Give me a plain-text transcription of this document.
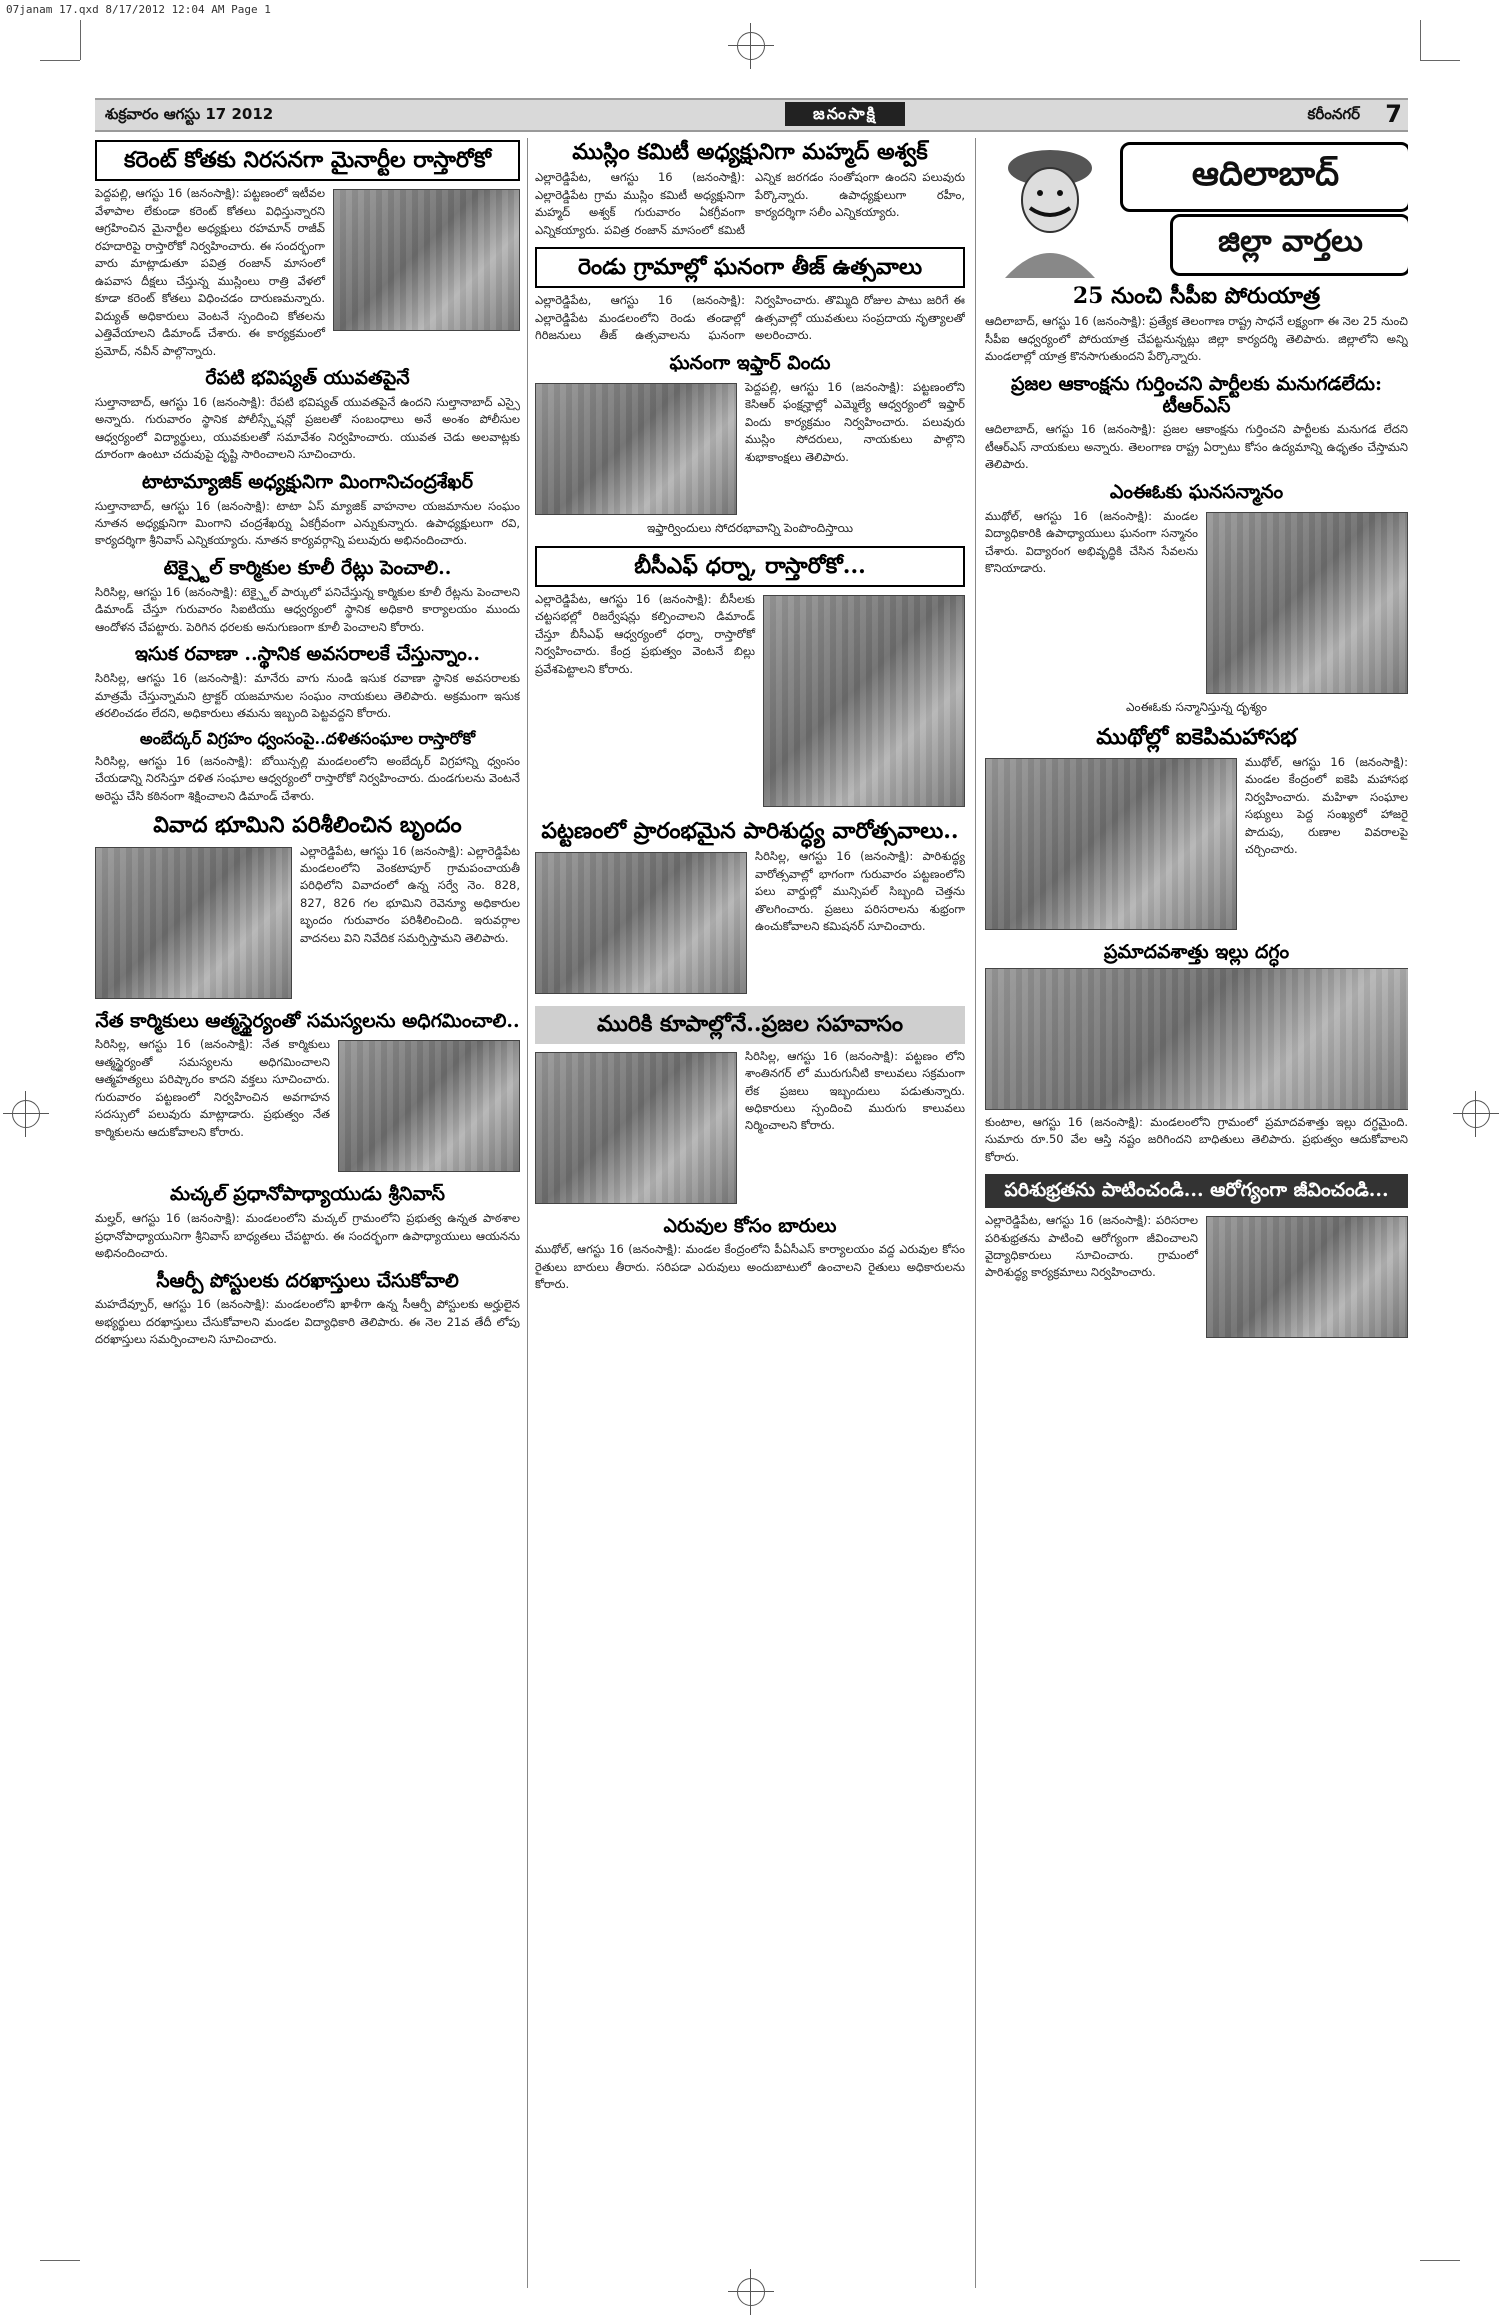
07janam 17.qxd 8/17/2012 12:04 AM Page 1
శుక్రవారం ఆగస్టు 17 2012	జనంసాక్షి	కరీంనగర్ 7
కరెంట్ కోతకు నిరసనగా మైనార్టీల రాస్తారోకో

పెద్దపల్లి, ఆగస్టు 16 (జనంసాక్షి): పట్టణంలో ఇటీవల వేళాపాల లేకుండా కరెంట్ కోతలు విధిస్తున్నారని ఆగ్రహించిన మైనార్టీల అధ్యక్షులు రహమాన్ రాజీవ్ రహదారిపై రాస్తారోకో నిర్వహించారు. ఈ సందర్భంగా వారు మాట్లాడుతూ పవిత్ర రంజాన్ మాసంలో ఉపవాస దీక్షలు చేస్తున్న ముస్లింలు రాత్రి వేళలో కూడా కరెంట్ కోతలు విధించడం దారుణమన్నారు. విద్యుత్ అధికారులు వెంటనే స్పందించి కోతలను ఎత్తివేయాలని డిమాండ్ చేశారు. ఈ కార్యక్రమంలో ప్రమోద్, నవీన్ పాల్గొన్నారు.

రేపటి భవిష్యత్ యువతపైనే

సుల్తానాబాద్, ఆగస్టు 16 (జనంసాక్షి): రేపటి భవిష్యత్ యువతపైనే ఉందని సుల్తానాబాద్ ఎస్సై అన్నారు. గురువారం స్థానిక పోలీస్స్టేషన్లో ప్రజలతో సంబంధాలు అనే అంశం పోలీసుల ఆధ్వర్యంలో విద్యార్థులు, యువకులతో సమావేశం నిర్వహించారు. యువత చెడు అలవాట్లకు దూరంగా ఉంటూ చదువుపై దృష్టి సారించాలని సూచించారు.

టాటామ్యాజిక్ అధ్యక్షునిగా మింగానిచంద్రశేఖర్

సుల్తానాబాద్, ఆగస్టు 16 (జనంసాక్షి): టాటా ఏస్ మ్యాజిక్ వాహనాల యజమానుల సంఘం నూతన అధ్యక్షునిగా మింగాని చంద్రశేఖర్ను ఏకగ్రీవంగా ఎన్నుకున్నారు. ఉపాధ్యక్షులుగా రవి, కార్యదర్శిగా శ్రీనివాస్ ఎన్నికయ్యారు. నూతన కార్యవర్గాన్ని పలువురు అభినందించారు.

టెక్స్టైల్ కార్మికుల కూలీ రేట్లు పెంచాలి..

సిరిసిల్ల, ఆగస్టు 16 (జనంసాక్షి): టెక్స్టైల్ పార్కులో పనిచేస్తున్న కార్మికుల కూలీ రేట్లను పెంచాలని డిమాండ్ చేస్తూ గురువారం సిఐటియు ఆధ్వర్యంలో స్థానిక అధికారి కార్యాలయం ముందు ఆందోళన చేపట్టారు. పెరిగిన ధరలకు అనుగుణంగా కూలీ పెంచాలని కోరారు.

ఇసుక రవాణా ..స్థానిక అవసరాలకే చేస్తున్నాం..

సిరిసిల్ల, ఆగస్టు 16 (జనంసాక్షి): మానేరు వాగు నుండి ఇసుక రవాణా స్థానిక అవసరాలకు మాత్రమే చేస్తున్నామని ట్రాక్టర్ యజమానుల సంఘం నాయకులు తెలిపారు. అక్రమంగా ఇసుక తరలించడం లేదని, అధికారులు తమను ఇబ్బంది పెట్టవద్దని కోరారు.

అంబేద్కర్ విగ్రహం ధ్వంసంపై..దళితసంఘాల రాస్తారోకో

సిరిసిల్ల, ఆగస్టు 16 (జనంసాక్షి): బోయిన్పల్లి మండలంలోని అంబేద్కర్ విగ్రహాన్ని ధ్వంసం చేయడాన్ని నిరసిస్తూ దళిత సంఘాల ఆధ్వర్యంలో రాస్తారోకో నిర్వహించారు. దుండగులను వెంటనే అరెస్టు చేసి కఠినంగా శిక్షించాలని డిమాండ్ చేశారు.

వివాద భూమిని పరిశీలించిన బృందం

ఎల్లారెడ్డిపేట, ఆగస్టు 16 (జనంసాక్షి): ఎల్లారెడ్డిపేట మండలంలోని వెంకటాపూర్ గ్రామపంచాయతీ పరిధిలోని వివాదంలో ఉన్న సర్వే నెం. 828, 827, 826 గల భూమిని రెవెన్యూ అధికారుల బృందం గురువారం పరిశీలించింది. ఇరువర్గాల వాదనలు విని నివేదిక సమర్పిస్తామని తెలిపారు.

నేత కార్మికులు ఆత్మస్థైర్యంతో సమస్యలను అధిగమించాలి..

సిరిసిల్ల, ఆగస్టు 16 (జనంసాక్షి): నేత కార్మికులు ఆత్మస్థైర్యంతో సమస్యలను అధిగమించాలని ఆత్మహత్యలు పరిష్కారం కాదని వక్తలు సూచించారు. గురువారం పట్టణంలో నిర్వహించిన అవగాహన సదస్సులో పలువురు మాట్లాడారు. ప్రభుత్వం నేత కార్మికులను ఆదుకోవాలని కోరారు.

మచ్కల్ ప్రధానోపాధ్యాయుడు శ్రీనివాస్

మల్హర్, ఆగస్టు 16 (జనంసాక్షి): మండలంలోని మచ్కల్ గ్రామంలోని ప్రభుత్వ ఉన్నత పాఠశాల ప్రధానోపాధ్యాయునిగా శ్రీనివాస్ బాధ్యతలు చేపట్టారు. ఈ సందర్భంగా ఉపాధ్యాయులు ఆయనను అభినందించారు.

సీఆర్పీ పోస్టులకు దరఖాస్తులు చేసుకోవాలి

మహదేవ్పూర్, ఆగస్టు 16 (జనంసాక్షి): మండలంలోని ఖాళీగా ఉన్న సీఆర్పీ పోస్టులకు అర్హులైన అభ్యర్థులు దరఖాస్తులు చేసుకోవాలని మండల విద్యాధికారి తెలిపారు. ఈ నెల 21వ తేదీ లోపు దరఖాస్తులు సమర్పించాలని సూచించారు.

ముస్లిం కమిటీ అధ్యక్షునిగా మహ్మద్ అశ్వక్

ఎల్లారెడ్డిపేట, ఆగస్టు 16 (జనంసాక్షి): ఎల్లారెడ్డిపేట గ్రామ ముస్లిం కమిటీ అధ్యక్షునిగా మహ్మద్ అశ్వక్ గురువారం ఏకగ్రీవంగా ఎన్నికయ్యారు. పవిత్ర రంజాన్ మాసంలో కమిటీ ఎన్నిక జరగడం సంతోషంగా ఉందని పలువురు పేర్కొన్నారు. ఉపాధ్యక్షులుగా రహీం, కార్యదర్శిగా సలీం ఎన్నికయ్యారు.

రెండు గ్రామాల్లో ఘనంగా తీజ్ ఉత్సవాలు

ఎల్లారెడ్డిపేట, ఆగస్టు 16 (జనంసాక్షి): ఎల్లారెడ్డిపేట మండలంలోని రెండు తండాల్లో గిరిజనులు తీజ్ ఉత్సవాలను ఘనంగా నిర్వహించారు. తొమ్మిది రోజుల పాటు జరిగే ఈ ఉత్సవాల్లో యువతులు సంప్రదాయ నృత్యాలతో అలరించారు.

ఘనంగా ఇఫ్తార్ విందు

పెద్దపల్లి, ఆగస్టు 16 (జనంసాక్షి): పట్టణంలోని కెసిఆర్ ఫంక్షన్హాల్లో ఎమ్మెల్యే ఆధ్వర్యంలో ఇఫ్తార్ విందు కార్యక్రమం నిర్వహించారు. పలువురు ముస్లిం సోదరులు, నాయకులు పాల్గొని శుభాకాంక్షలు తెలిపారు.

ఇఫ్తార్విందులు సోదరభావాన్ని పెంపొందిస్తాయి
బీసీఎఫ్ ధర్నా, రాస్తారోకో...

ఎల్లారెడ్డిపేట, ఆగస్టు 16 (జనంసాక్షి): బీసీలకు చట్టసభల్లో రిజర్వేషన్లు కల్పించాలని డిమాండ్ చేస్తూ బీసీఎఫ్ ఆధ్వర్యంలో ధర్నా, రాస్తారోకో నిర్వహించారు. కేంద్ర ప్రభుత్వం వెంటనే బిల్లు ప్రవేశపెట్టాలని కోరారు.

పట్టణంలో ప్రారంభమైన పారిశుద్ధ్య వారోత్సవాలు..

సిరిసిల్ల, ఆగస్టు 16 (జనంసాక్షి): పారిశుద్ధ్య వారోత్సవాల్లో భాగంగా గురువారం పట్టణంలోని పలు వార్డుల్లో మున్సిపల్ సిబ్బంది చెత్తను తొలగించారు. ప్రజలు పరిసరాలను శుభ్రంగా ఉంచుకోవాలని కమిషనర్ సూచించారు.

మురికి కూపాల్లోనే..ప్రజల సహవాసం

సిరిసిల్ల, ఆగస్టు 16 (జనంసాక్షి): పట్టణం లోని శాంతినగర్ లో మురుగునీటి కాలువలు సక్రమంగా లేక ప్రజలు ఇబ్బందులు పడుతున్నారు. అధికారులు స్పందించి మురుగు కాలువలు నిర్మించాలని కోరారు.

ఎరువుల కోసం బారులు

ముథోల్, ఆగస్టు 16 (జనంసాక్షి): మండల కేంద్రంలోని పీఏసీఎస్ కార్యాలయం వద్ద ఎరువుల కోసం రైతులు బారులు తీరారు. సరిపడా ఎరువులు అందుబాటులో ఉంచాలని రైతులు అధికారులను కోరారు.

ఆదిలాబాద్
జిల్లా వార్తలు
25 నుంచి సీపీఐ పోరుయాత్ర

ఆదిలాబాద్, ఆగస్టు 16 (జనంసాక్షి): ప్రత్యేక తెలంగాణ రాష్ట్ర సాధనే లక్ష్యంగా ఈ నెల 25 నుంచి సీపీఐ ఆధ్వర్యంలో పోరుయాత్ర చేపట్టనున్నట్లు జిల్లా కార్యదర్శి తెలిపారు. జిల్లాలోని అన్ని మండలాల్లో యాత్ర కొనసాగుతుందని పేర్కొన్నారు.

ప్రజల ఆకాంక్షను గుర్తించని పార్టీలకు మనుగడలేదు: టీఆర్ఎస్

ఆదిలాబాద్, ఆగస్టు 16 (జనంసాక్షి): ప్రజల ఆకాంక్షను గుర్తించని పార్టీలకు మనుగడ లేదని టీఆర్ఎస్ నాయకులు అన్నారు. తెలంగాణ రాష్ట్ర ఏర్పాటు కోసం ఉద్యమాన్ని ఉధృతం చేస్తామని తెలిపారు.

ఎంఈఓకు ఘనసన్మానం

ముథోల్, ఆగస్టు 16 (జనంసాక్షి): మండల విద్యాధికారికి ఉపాధ్యాయులు ఘనంగా సన్మానం చేశారు. విద్యారంగ అభివృద్ధికి చేసిన సేవలను కొనియాడారు.

ఎంఈఓకు సన్మానిస్తున్న దృశ్యం
ముథోల్లో ఐకెపిమహాసభ

ముథోల్, ఆగస్టు 16 (జనంసాక్షి): మండల కేంద్రంలో ఐకెపి మహాసభ నిర్వహించారు. మహిళా సంఘాల సభ్యులు పెద్ద సంఖ్యలో హాజరై పొదుపు, రుణాల వివరాలపై చర్చించారు.

ప్రమాదవశాత్తు ఇల్లు దగ్ధం

కుంటాల, ఆగస్టు 16 (జనంసాక్షి): మండలంలోని గ్రామంలో ప్రమాదవశాత్తు ఇల్లు దగ్ధమైంది. సుమారు రూ.50 వేల ఆస్తి నష్టం జరిగిందని బాధితులు తెలిపారు. ప్రభుత్వం ఆదుకోవాలని కోరారు.

పరిశుభ్రతను పాటించండి... ఆరోగ్యంగా జీవించండి...

ఎల్లారెడ్డిపేట, ఆగస్టు 16 (జనంసాక్షి): పరిసరాల పరిశుభ్రతను పాటించి ఆరోగ్యంగా జీవించాలని వైద్యాధికారులు సూచించారు. గ్రామంలో పారిశుద్ధ్య కార్యక్రమాలు నిర్వహించారు.
